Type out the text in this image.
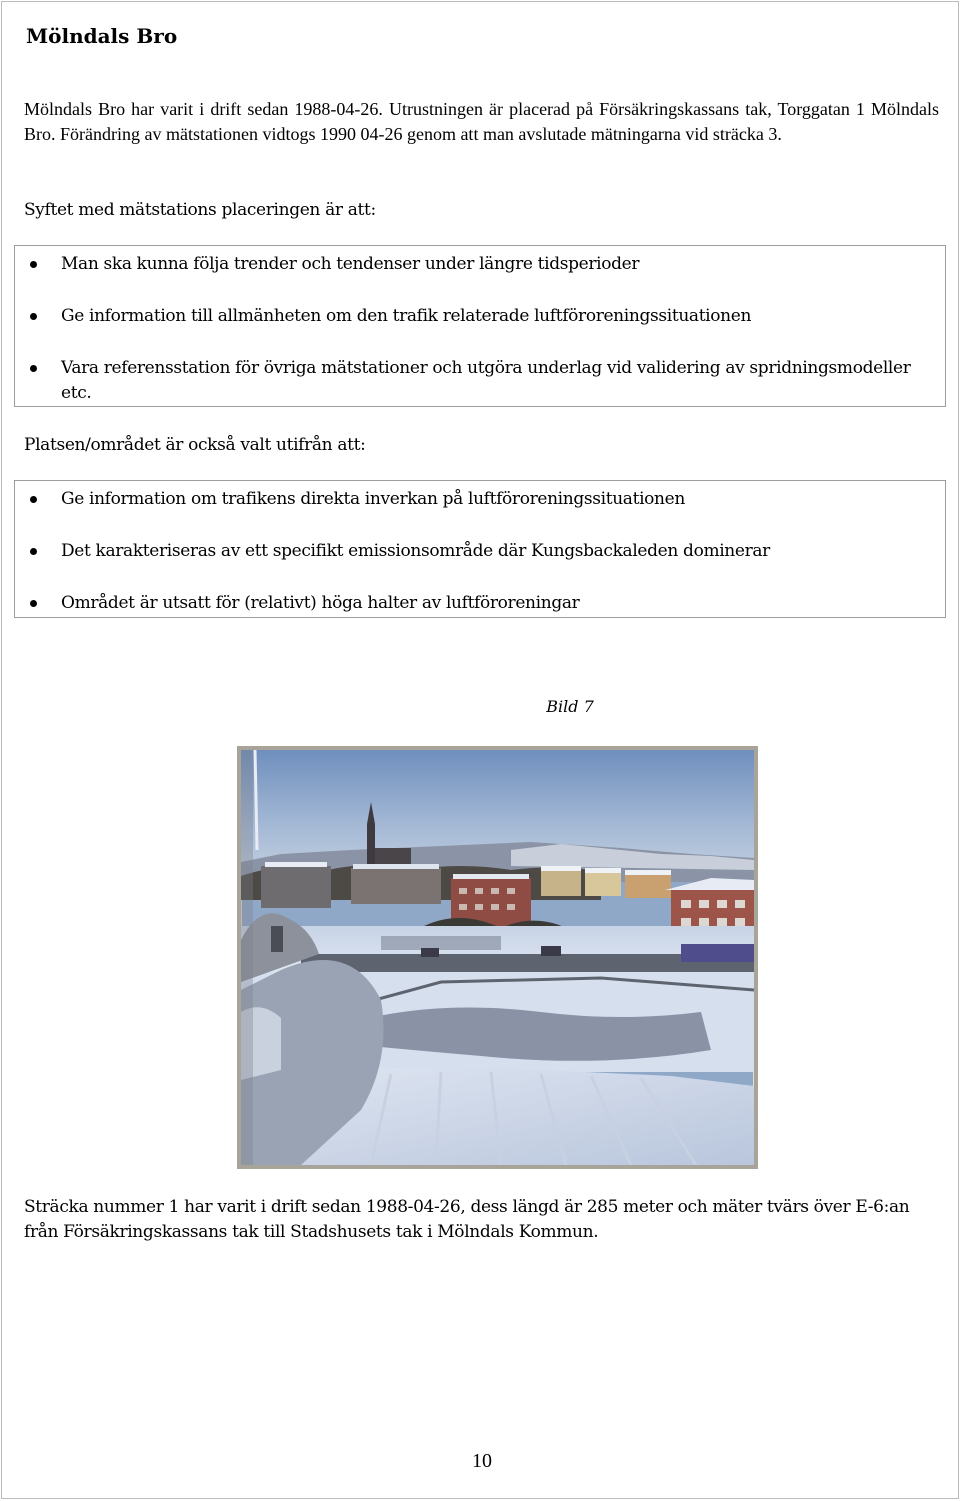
Mölndals Bro
Mölndals Bro har varit i drift sedan 1988-04-26. Utrustningen är placerad på Försäkringskassans tak, Torggatan 1 Mölndals Bro. Förändring av mätstationen vidtogs 1990 04-26 genom att man avslutade mätningarna vid sträcka 3.
Syftet med mätstations placeringen är att:
Man ska kunna följa trender och tendenser under längre tidsperioder
Ge information till allmänheten om den trafik relaterade luftföroreningssituationen
Vara referensstation för övriga mätstationer och utgöra underlag vid validering av spridningsmodeller etc.
Platsen/området är också valt utifrån att:
Ge information om trafikens direkta inverkan på luftföroreningssituationen
Det karakteriseras av ett specifikt emissionsområde där Kungsbackaleden dominerar
Området är utsatt för (relativt) höga halter av luftföroreningar
Bild 7
Sträcka nummer 1 har varit i drift sedan 1988-04-26, dess längd är 285 meter och mäter tvärs över E-6:an från Försäkringskassans tak till Stadshusets tak i Mölndals Kommun.
10
